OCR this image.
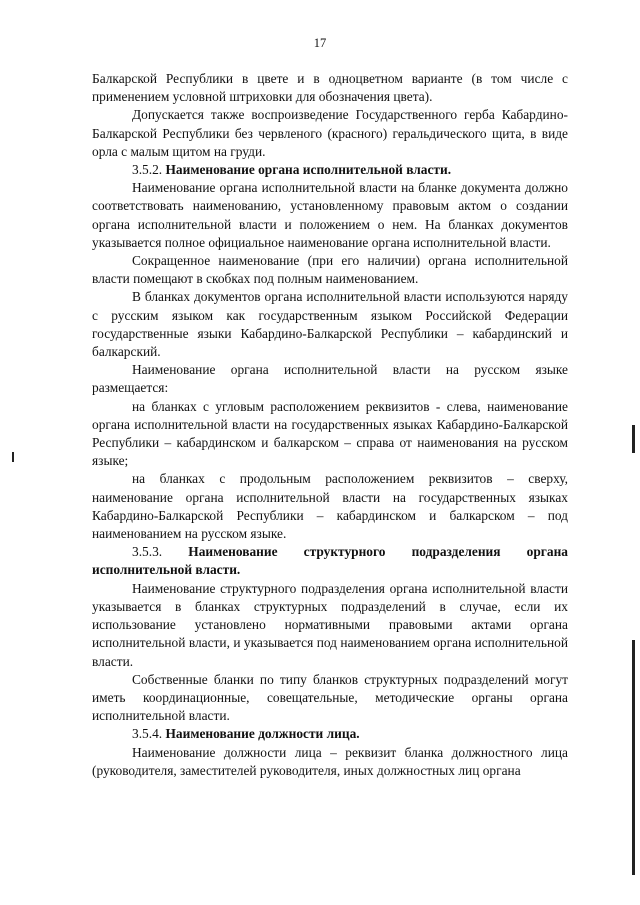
17

Балкарской Республики в цвете и в одноцветном варианте (в том числе с применением условной штриховки для обозначения цвета).

Допускается также воспроизведение Государственного герба Кабардино-Балкарской Республики без червленого (красного) геральдического щита, в виде орла с малым щитом на груди.

3.5.2. Наименование органа исполнительной власти.

Наименование органа исполнительной власти на бланке документа должно соответствовать наименованию, установленному правовым актом о создании органа исполнительной власти и положением о нем. На бланках документов указывается полное официальное наименование органа исполнительной власти.

Сокращенное наименование (при его наличии) органа исполнительной власти помещают в скобках под полным наименованием.

В бланках документов органа исполнительной власти используются наряду с русским языком как государственным языком Российской Федерации государственные языки Кабардино-Балкарской Республики – кабардинский и балкарский.

Наименование органа исполнительной власти на русском языке размещается:

на бланках с угловым расположением реквизитов - слева, наименование органа исполнительной власти на государственных языках Кабардино-Балкарской Республики – кабардинском и балкарском – справа от наименования на русском языке;

на бланках с продольным расположением реквизитов – сверху, наименование органа исполнительной власти на государственных языках Кабардино-Балкарской Республики – кабардинском и балкарском – под наименованием на русском языке.

3.5.3. Наименование структурного подразделения органа исполнительной власти.

Наименование структурного подразделения органа исполнительной власти указывается в бланках структурных подразделений в случае, если их использование установлено нормативными правовыми актами органа исполнительной власти, и указывается под наименованием органа исполнительной власти.

Собственные бланки по типу бланков структурных подразделений могут иметь координационные, совещательные, методические органы органа исполнительной власти.

3.5.4. Наименование должности лица.

Наименование должности лица – реквизит бланка должностного лица (руководителя, заместителей руководителя, иных должностных лиц органа
